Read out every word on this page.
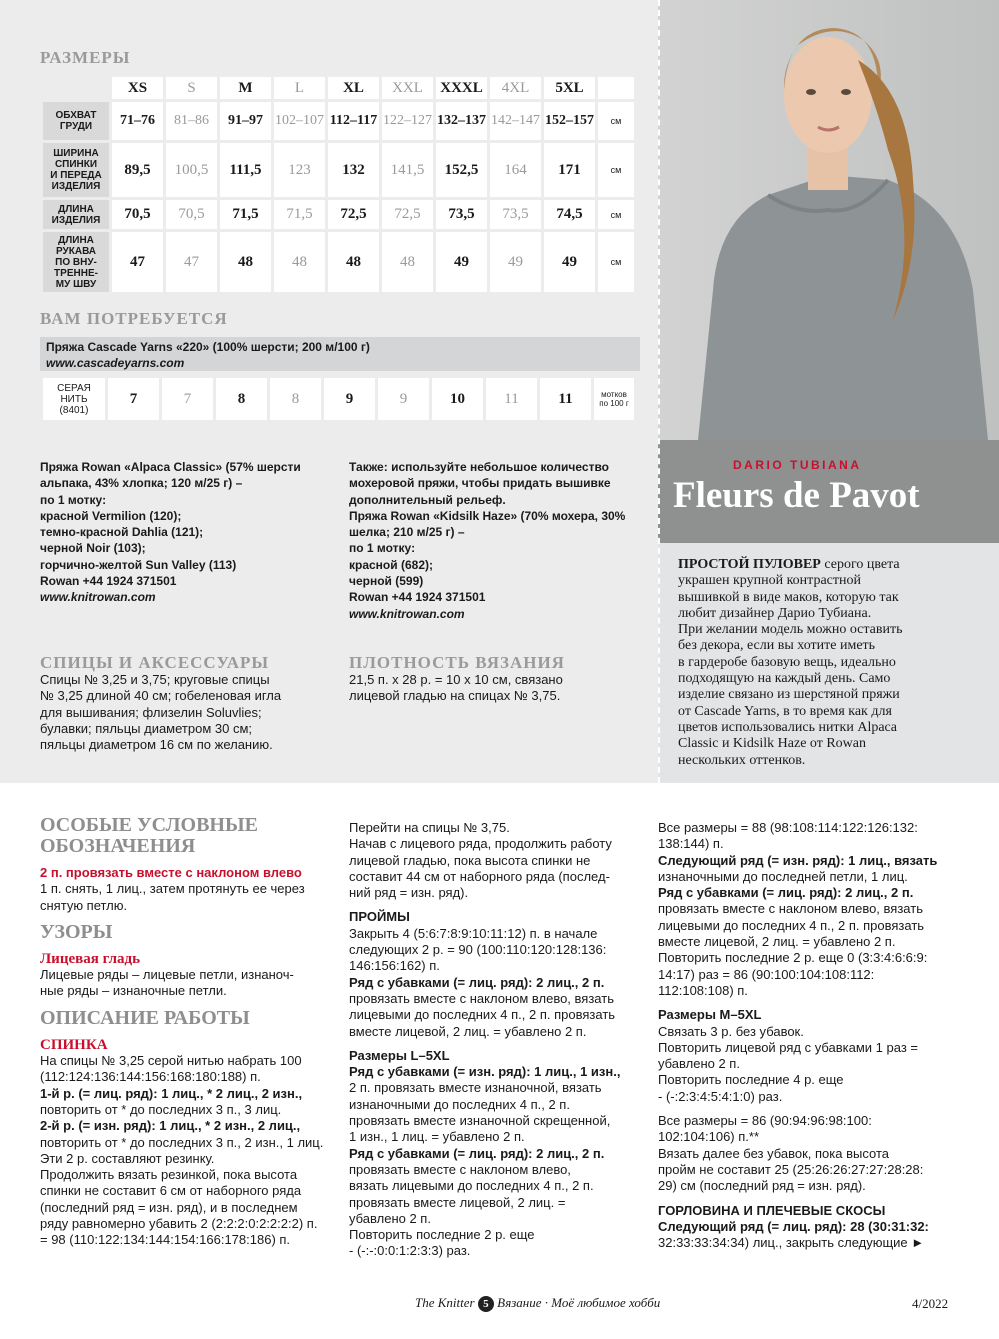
РАЗМЕРЫ
	XS	S	M	L	XL	XXL	XXXL	4XL	5XL	

ОБХВАТ
ГРУДИ	71–76	81–86	91–97	102–107	112–117	122–127	132–137	142–147	152–157	см

ШИРИНА
СПИНКИ
И ПЕРЕДА
ИЗДЕЛИЯ	89,5	100,5	111,5	123	132	141,5	152,5	164	171	см

ДЛИНА
ИЗДЕЛИЯ	70,5	70,5	71,5	71,5	72,5	72,5	73,5	73,5	74,5	см

ДЛИНА
РУКАВА
ПО ВНУ-
ТРЕННЕ-
МУ ШВУ	47	47	48	48	48	48	49	49	49	см
ВАМ ПОТРЕБУЕТСЯ
Пряжа Cascade Yarns «220» (100% шерсти; 200 м/100 г)
www.cascadeyarns.com
СЕРАЯ
НИТЬ
(8401)
	7	7	8	8	9	9	10	11	11	мотков
по 100 г
Пряжа Rowan «Alpaca Classic» (57% шерсти
альпака, 43% хлопка; 120 м/25 г) –
по 1 мотку:
красной Vermilion (120);
темно-красной Dahlia (121);
черной Noir (103);
горчично-желтой Sun Valley (113)
Rowan +44 1924 371501
www.knitrowan.com
Также: используйте небольшое количество
мохеровой пряжи, чтобы придать вышивке
дополнительный рельеф.
Пряжа Rowan «Kidsilk Haze» (70% мохера, 30%
шелка; 210 м/25 г) –
по 1 мотку:
красной (682);
черной (599)
Rowan +44 1924 371501
www.knitrowan.com
СПИЦЫ И АКСЕССУАРЫ
Спицы № 3,25 и 3,75; круговые спицы
№ 3,25 длиной 40 см; гобеленовая игла
для вышивания; флизелин Soluvlies;
булавки; пяльцы диаметром 30 см;
пяльцы диаметром 16 см по желанию.
ПЛОТНОСТЬ ВЯЗАНИЯ
21,5 п. х 28 р. = 10 х 10 см, связано
лицевой гладью на спицах № 3,75.
DARIO TUBIANA
Fleurs de Pavot
ПРОСТОЙ ПУЛОВЕР серого цвета
украшен крупной контрастной
вышивкой в виде маков, которую так
любит дизайнер Дарио Тубиана.
При желании модель можно оставить
без декора, если вы хотите иметь
в гардеробе базовую вещь, идеально
подходящую на каждый день. Само
изделие связано из шерстяной пряжи
от Cascade Yarns, в то время как для
цветов использовались нитки Alpaca
Classic и Kidsilk Haze от Rowan
нескольких оттенков.
ОСОБЫЕ УСЛОВНЫЕ
ОБОЗНАЧЕНИЯ
2 п. провязать вместе с наклоном влево
1 п. снять, 1 лиц., затем протянуть ее через
снятую петлю.
УЗОРЫ
Лицевая гладь
Лицевые ряды – лицевые петли, изнаноч-
ные ряды – изнаночные петли.
ОПИСАНИЕ РАБОТЫ
СПИНКА
На спицы № 3,25 серой нитью набрать 100
(112:124:136:144:156:168:180:188) п.
1-й р. (= лиц. ряд): 1 лиц., * 2 лиц., 2 изн.,
повторить от * до последних 3 п., 3 лиц.
2-й р. (= изн. ряд): 1 лиц., * 2 изн., 2 лиц.,
повторить от * до последних 3 п., 2 изн., 1 лиц.
Эти 2 р. составляют резинку.
Продолжить вязать резинкой, пока высота
спинки не составит 6 см от наборного ряда
(последний ряд = изн. ряд), и в последнем
ряду равномерно убавить 2 (2:2:2:0:2:2:2:2) п.
= 98 (110:122:134:144:154:166:178:186) п.
Перейти на спицы № 3,75.
Начав с лицевого ряда, продолжить работу
лицевой гладью, пока высота спинки не
составит 44 см от наборного ряда (послед-
ний ряд = изн. ряд).
ПРОЙМЫ
Закрыть 4 (5:6:7:8:9:10:11:12) п. в начале
следующих 2 р. = 90 (100:110:120:128:136:
146:156:162) п.
Ряд с убавками (= лиц. ряд): 2 лиц., 2 п.
провязать вместе с наклоном влево, вязать
лицевыми до последних 4 п., 2 п. провязать
вместе лицевой, 2 лиц. = убавлено 2 п.
Размеры L–5XL
Ряд с убавками (= изн. ряд): 1 лиц., 1 изн.,
2 п. провязать вместе изнаночной, вязать
изнаночными до последних 4 п., 2 п.
провязать вместе изнаночной скрещенной,
1 изн., 1 лиц. = убавлено 2 п.
Ряд с убавками (= лиц. ряд): 2 лиц., 2 п.
провязать вместе с наклоном влево,
вязать лицевыми до последних 4 п., 2 п.
провязать вместе лицевой, 2 лиц. =
убавлено 2 п.
Повторить последние 2 р. еще
- (-:-:0:0:1:2:3:3) раз.
Все размеры = 88 (98:108:114:122:126:132:
138:144) п.
Следующий ряд (= изн. ряд): 1 лиц., вязать
изнаночными до последней петли, 1 лиц.
Ряд с убавками (= лиц. ряд): 2 лиц., 2 п.
провязать вместе с наклоном влево, вязать
лицевыми до последних 4 п., 2 п. провязать
вместе лицевой, 2 лиц. = убавлено 2 п.
Повторить последние 2 р. еще 0 (3:3:4:6:6:9:
14:17) раз = 86 (90:100:104:108:112:
112:108:108) п.
Размеры M–5XL
Связать 3 р. без убавок.
Повторить лицевой ряд с убавками 1 раз =
убавлено 2 п.
Повторить последние 4 р. еще
- (-:2:3:4:5:4:1:0) раз.
Все размеры = 86 (90:94:96:98:100:
102:104:106) п.**
Вязать далее без убавок, пока высота
пройм не составит 25 (25:26:26:27:27:28:28:
29) см (последний ряд = изн. ряд).
ГОРЛОВИНА И ПЛЕЧЕВЫЕ СКОСЫ
Следующий ряд (= лиц. ряд): 28 (30:31:32:
32:33:33:34:34) лиц., закрыть следующие ►
The Knitter 5 Вязание · Моё любимое хобби	4/2022
